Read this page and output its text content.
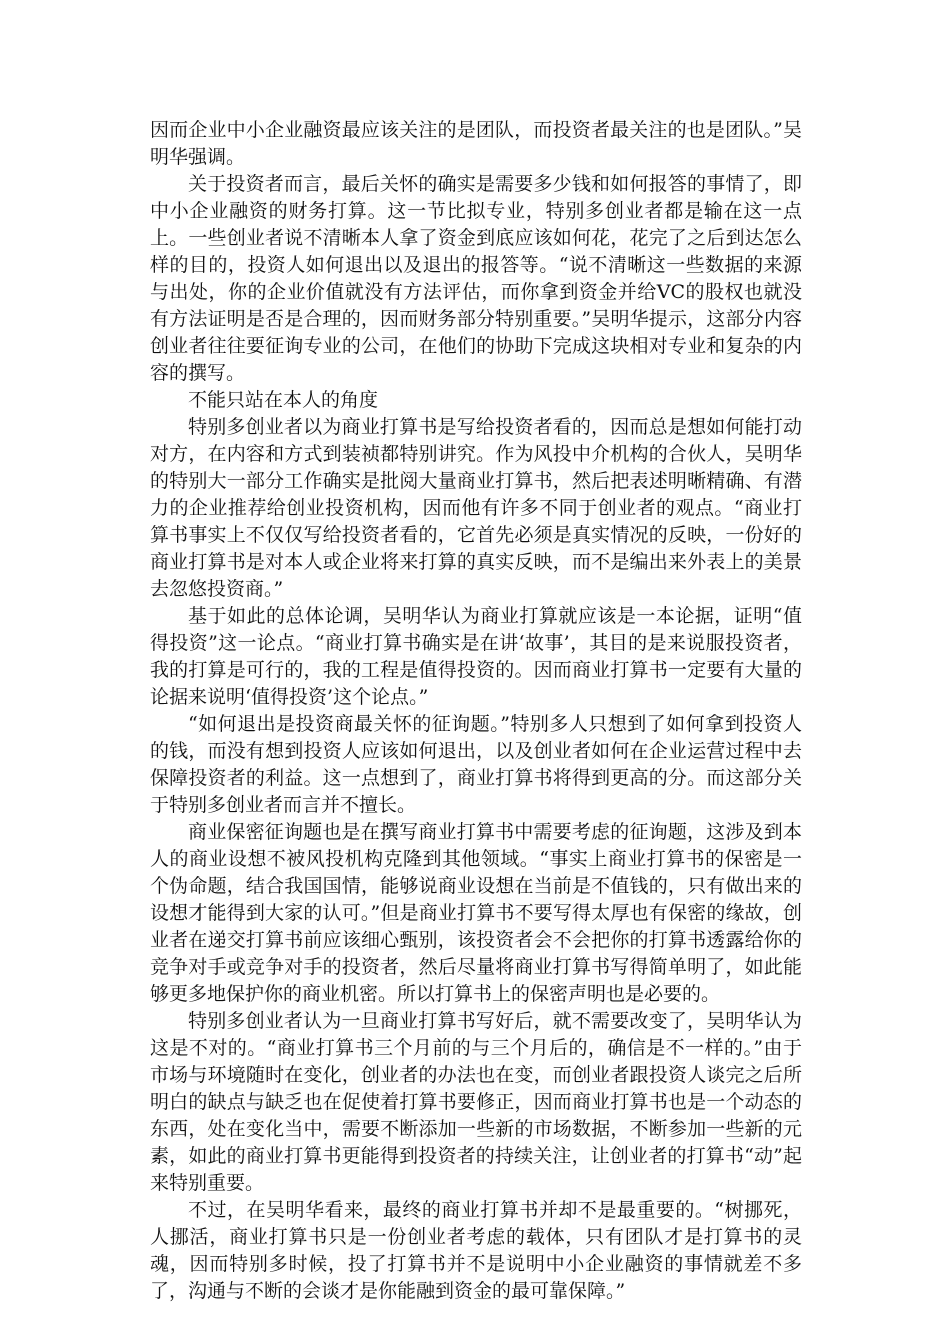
因而企业中小企业融资最应该关注的是团队，而投资者最关注的也是团队。”吴明华强调。

关于投资者而言，最后关怀的确实是需要多少钱和如何报答的事情了，即中小企业融资的财务打算。这一节比拟专业，特别多创业者都是输在这一点上。一些创业者说不清晰本人拿了资金到底应该如何花，花完了之后到达怎么样的目的，投资人如何退出以及退出的报答等。“说不清晰这一些数据的来源与出处，你的企业价值就没有方法评估，而你拿到资金并给VC的股权也就没有方法证明是否是合理的，因而财务部分特别重要。”吴明华提示，这部分内容创业者往往要征询专业的公司，在他们的协助下完成这块相对专业和复杂的内容的撰写。

不能只站在本人的角度

特别多创业者以为商业打算书是写给投资者看的，因而总是想如何能打动对方，在内容和方式到装祯都特别讲究。作为风投中介机构的合伙人，吴明华的特别大一部分工作确实是批阅大量商业打算书，然后把表述明晰精确、有潜力的企业推荐给创业投资机构，因而他有许多不同于创业者的观点。“商业打算书事实上不仅仅写给投资者看的，它首先必须是真实情况的反映，一份好的商业打算书是对本人或企业将来打算的真实反映，而不是编出来外表上的美景去忽悠投资商。”

基于如此的总体论调，吴明华认为商业打算就应该是一本论据，证明“值得投资”这一论点。“商业打算书确实是在讲‘故事’，其目的是来说服投资者，我的打算是可行的，我的工程是值得投资的。因而商业打算书一定要有大量的论据来说明‘值得投资’这个论点。”

“如何退出是投资商最关怀的征询题。”特别多人只想到了如何拿到投资人的钱，而没有想到投资人应该如何退出，以及创业者如何在企业运营过程中去保障投资者的利益。这一点想到了，商业打算书将得到更高的分。而这部分关于特别多创业者而言并不擅长。

商业保密征询题也是在撰写商业打算书中需要考虑的征询题，这涉及到本人的商业设想不被风投机构克隆到其他领域。“事实上商业打算书的保密是一个伪命题，结合我国国情，能够说商业设想在当前是不值钱的，只有做出来的设想才能得到大家的认可。”但是商业打算书不要写得太厚也有保密的缘故，创业者在递交打算书前应该细心甄别，该投资者会不会把你的打算书透露给你的竞争对手或竞争对手的投资者，然后尽量将商业打算书写得简单明了，如此能够更多地保护你的商业机密。所以打算书上的保密声明也是必要的。

特别多创业者认为一旦商业打算书写好后，就不需要改变了，吴明华认为这是不对的。“商业打算书三个月前的与三个月后的，确信是不一样的。”由于市场与环境随时在变化，创业者的办法也在变，而创业者跟投资人谈完之后所明白的缺点与缺乏也在促使着打算书要修正，因而商业打算书也是一个动态的东西，处在变化当中，需要不断添加一些新的市场数据，不断参加一些新的元素，如此的商业打算书更能得到投资者的持续关注，让创业者的打算书“动”起来特别重要。

不过，在吴明华看来，最终的商业打算书并却不是最重要的。“树挪死，人挪活，商业打算书只是一份创业者考虑的载体，只有团队才是打算书的灵魂，因而特别多时候，投了打算书并不是说明中小企业融资的事情就差不多了，沟通与不断的会谈才是你能融到资金的最可靠保障。”
